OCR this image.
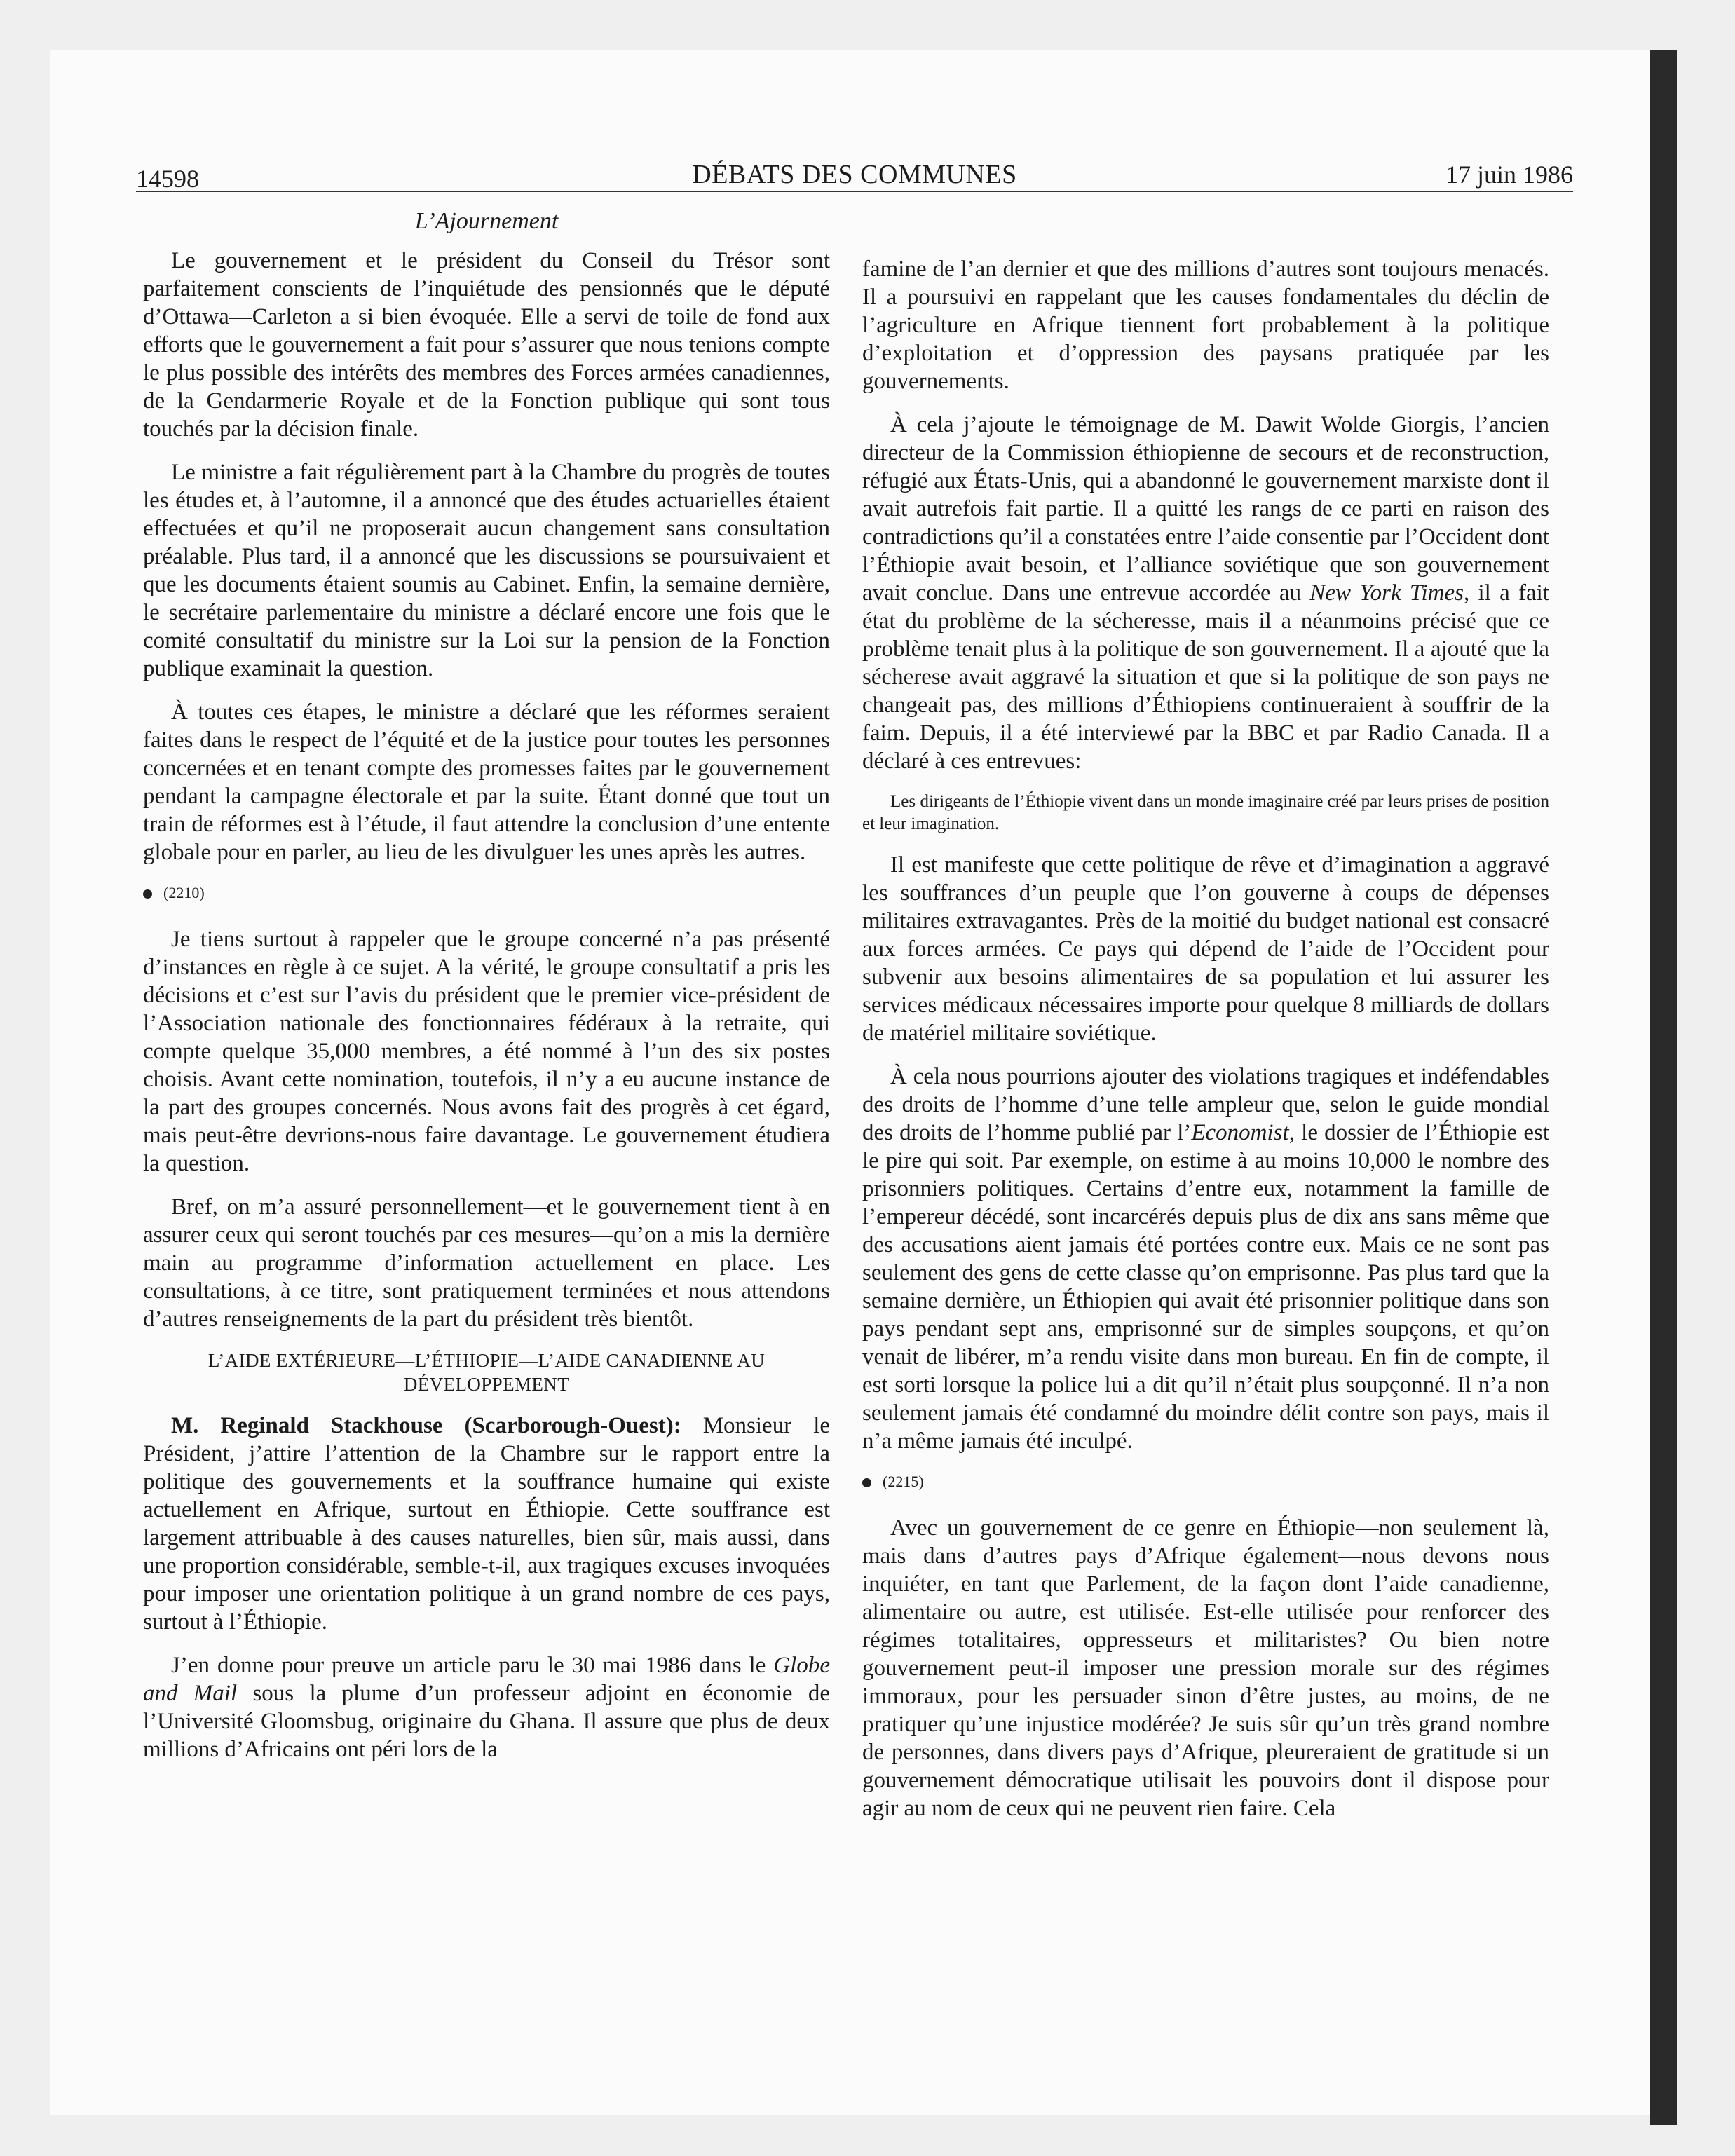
14598	DÉBATS DES COMMUNES	17 juin 1986
L’Ajournement

Le gouvernement et le président du Conseil du Trésor sont parfaitement conscients de l’inquiétude des pensionnés que le député d’Ottawa—Carleton a si bien évoquée. Elle a servi de toile de fond aux efforts que le gouvernement a fait pour s’assurer que nous tenions compte le plus possible des intérêts des membres des Forces armées canadiennes, de la Gendarmerie Royale et de la Fonction publique qui sont tous touchés par la décision finale.

Le ministre a fait régulièrement part à la Chambre du progrès de toutes les études et, à l’automne, il a annoncé que des études actuarielles étaient effectuées et qu’il ne proposerait aucun changement sans consultation préalable. Plus tard, il a annoncé que les discussions se poursuivaient et que les documents étaient soumis au Cabinet. Enfin, la semaine dernière, le secrétaire parlementaire du ministre a déclaré encore une fois que le comité consultatif du ministre sur la Loi sur la pension de la Fonction publique examinait la question.

À toutes ces étapes, le ministre a déclaré que les réformes seraient faites dans le respect de l’équité et de la justice pour toutes les personnes concernées et en tenant compte des promesses faites par le gouvernement pendant la campagne électorale et par la suite. Étant donné que tout un train de réformes est à l’étude, il faut attendre la conclusion d’une entente globale pour en parler, au lieu de les divulguer les unes après les autres.

(2210)

Je tiens surtout à rappeler que le groupe concerné n’a pas présenté d’instances en règle à ce sujet. A la vérité, le groupe consultatif a pris les décisions et c’est sur l’avis du président que le premier vice-président de l’Association nationale des fonctionnaires fédéraux à la retraite, qui compte quelque 35,000 membres, a été nommé à l’un des six postes choisis. Avant cette nomination, toutefois, il n’y a eu aucune instance de la part des groupes concernés. Nous avons fait des progrès à cet égard, mais peut-être devrions-nous faire davantage. Le gouvernement étudiera la question.

Bref, on m’a assuré personnellement—et le gouvernement tient à en assurer ceux qui seront touchés par ces mesures—qu’on a mis la dernière main au programme d’information actuellement en place. Les consultations, à ce titre, sont pratiquement terminées et nous attendons d’autres renseignements de la part du président très bientôt.

L’AIDE EXTÉRIEURE—L’ÉTHIOPIE—L’AIDE CANADIENNE AU DÉVELOPPEMENT

M. Reginald Stackhouse (Scarborough-Ouest): Monsieur le Président, j’attire l’attention de la Chambre sur le rapport entre la politique des gouvernements et la souffrance humaine qui existe actuellement en Afrique, surtout en Éthiopie. Cette souffrance est largement attribuable à des causes naturelles, bien sûr, mais aussi, dans une proportion considérable, semble-t-il, aux tragiques excuses invoquées pour imposer une orientation politique à un grand nombre de ces pays, surtout à l’Éthiopie.

J’en donne pour preuve un article paru le 30 mai 1986 dans le Globe and Mail sous la plume d’un professeur adjoint en économie de l’Université Gloomsbug, originaire du Ghana. Il assure que plus de deux millions d’Africains ont péri lors de la

famine de l’an dernier et que des millions d’autres sont toujours menacés. Il a poursuivi en rappelant que les causes fondamentales du déclin de l’agriculture en Afrique tiennent fort probablement à la politique d’exploitation et d’oppression des paysans pratiquée par les gouvernements.

À cela j’ajoute le témoignage de M. Dawit Wolde Giorgis, l’ancien directeur de la Commission éthiopienne de secours et de reconstruction, réfugié aux États-Unis, qui a abandonné le gouvernement marxiste dont il avait autrefois fait partie. Il a quitté les rangs de ce parti en raison des contradictions qu’il a constatées entre l’aide consentie par l’Occident dont l’Éthiopie avait besoin, et l’alliance soviétique que son gouvernement avait conclue. Dans une entrevue accordée au New York Times, il a fait état du problème de la sécheresse, mais il a néanmoins précisé que ce problème tenait plus à la politique de son gouvernement. Il a ajouté que la sécherese avait aggravé la situation et que si la politique de son pays ne changeait pas, des millions d’Éthiopiens continueraient à souffrir de la faim. Depuis, il a été interviewé par la BBC et par Radio Canada. Il a déclaré à ces entrevues:

Les dirigeants de l’Éthiopie vivent dans un monde imaginaire créé par leurs prises de position et leur imagination.

Il est manifeste que cette politique de rêve et d’imagination a aggravé les souffrances d’un peuple que l’on gouverne à coups de dépenses militaires extravagantes. Près de la moitié du budget national est consacré aux forces armées. Ce pays qui dépend de l’aide de l’Occident pour subvenir aux besoins alimentaires de sa population et lui assurer les services médicaux nécessaires importe pour quelque 8 milliards de dollars de matériel militaire soviétique.

À cela nous pourrions ajouter des violations tragiques et indéfendables des droits de l’homme d’une telle ampleur que, selon le guide mondial des droits de l’homme publié par l’Economist, le dossier de l’Éthiopie est le pire qui soit. Par exemple, on estime à au moins 10,000 le nombre des prisonniers politiques. Certains d’entre eux, notamment la famille de l’empereur décédé, sont incarcérés depuis plus de dix ans sans même que des accusations aient jamais été portées contre eux. Mais ce ne sont pas seulement des gens de cette classe qu’on emprisonne. Pas plus tard que la semaine dernière, un Éthiopien qui avait été prisonnier politique dans son pays pendant sept ans, emprisonné sur de simples soupçons, et qu’on venait de libérer, m’a rendu visite dans mon bureau. En fin de compte, il est sorti lorsque la police lui a dit qu’il n’était plus soupçonné. Il n’a non seulement jamais été condamné du moindre délit contre son pays, mais il n’a même jamais été inculpé.

(2215)

Avec un gouvernement de ce genre en Éthiopie—non seulement là, mais dans d’autres pays d’Afrique également—nous devons nous inquiéter, en tant que Parlement, de la façon dont l’aide canadienne, alimentaire ou autre, est utilisée. Est-elle utilisée pour renforcer des régimes totalitaires, oppresseurs et militaristes? Ou bien notre gouvernement peut-il imposer une pression morale sur des régimes immoraux, pour les persuader sinon d’être justes, au moins, de ne pratiquer qu’une injustice modérée? Je suis sûr qu’un très grand nombre de personnes, dans divers pays d’Afrique, pleureraient de gratitude si un gouvernement démocratique utilisait les pouvoirs dont il dispose pour agir au nom de ceux qui ne peuvent rien faire. Cela
